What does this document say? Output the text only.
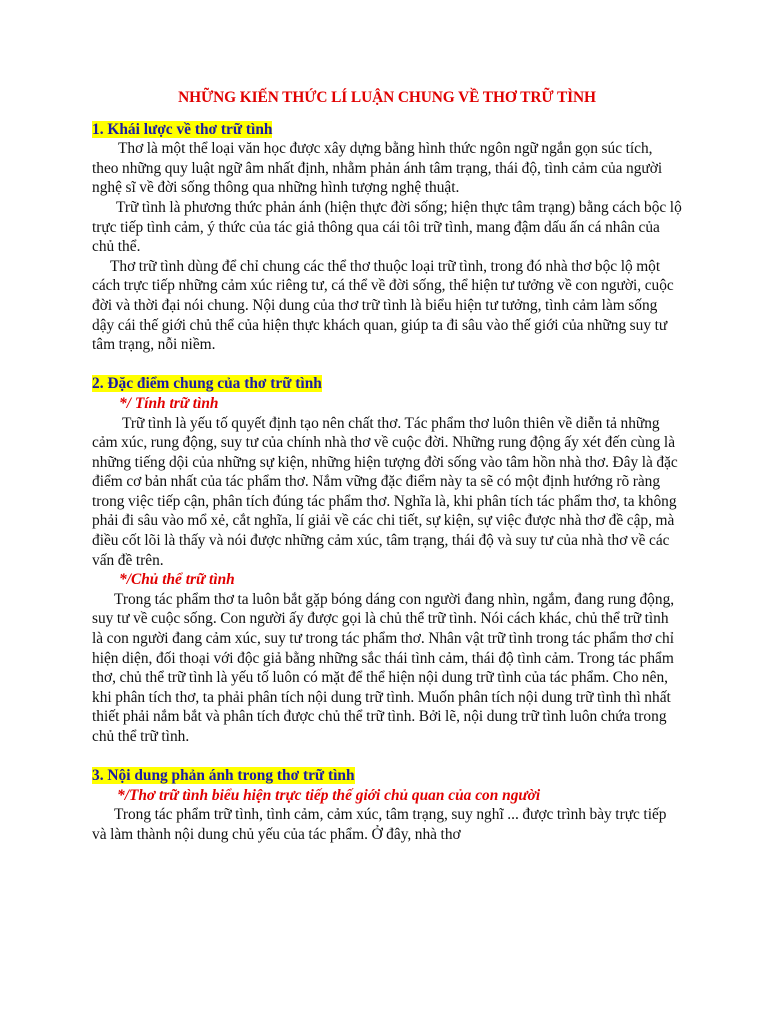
NHỮNG KIẾN THỨC LÍ LUẬN CHUNG VỀ THƠ TRỮ TÌNH
1. Khái lược về thơ trữ tình

Thơ là một thể loại văn học được xây dựng bằng hình thức ngôn ngữ ngắn gọn súc tích, theo những quy luật ngữ âm nhất định, nhằm phản ánh tâm trạng, thái độ, tình cảm của người nghệ sĩ về đời sống thông qua những hình tượng nghệ thuật.

Trữ tình là phương thức phản ánh (hiện thực đời sống; hiện thực tâm trạng) bằng cách bộc lộ trực tiếp tình cảm, ý thức của tác giả thông qua cái tôi trữ tình, mang đậm dấu ấn cá nhân của chủ thể.

Thơ trữ tình dùng để chỉ chung các thể thơ thuộc loại trữ tình, trong đó nhà thơ bộc lộ một cách trực tiếp những cảm xúc riêng tư, cá thể về đời sống, thể hiện tư tưởng về con người, cuộc đời và thời đại nói chung. Nội dung của thơ trữ tình là biểu hiện tư tưởng, tình cảm làm sống dậy cái thế giới chủ thể của hiện thực khách quan, giúp ta đi sâu vào thế giới của những suy tư tâm trạng, nỗi niềm.

2. Đặc điểm chung của thơ trữ tình

*/ Tính trữ tình

Trữ tình là yếu tố quyết định tạo nên chất thơ. Tác phẩm thơ luôn thiên về diễn tả những cảm xúc, rung động, suy tư của chính nhà thơ về cuộc đời. Những rung động ấy xét đến cùng là những tiếng dội của những sự kiện, những hiện tượng đời sống vào tâm hồn nhà thơ. Đây là đặc điểm cơ bản nhất của tác phẩm thơ. Nắm vững đặc điểm này ta sẽ có một định hướng rõ ràng trong việc tiếp cận, phân tích đúng tác phẩm thơ. Nghĩa là, khi phân tích tác phẩm thơ, ta không phải đi sâu vào mổ xẻ, cắt nghĩa, lí giải về các chi tiết, sự kiện, sự việc được nhà thơ đề cập, mà điều cốt lõi là thấy và nói được những cảm xúc, tâm trạng, thái độ và suy tư của nhà thơ về các vấn đề trên.

*/Chủ thể trữ tình

Trong tác phẩm thơ ta luôn bắt gặp bóng dáng con người đang nhìn, ngắm, đang rung động, suy tư về cuộc sống. Con người ấy được gọi là chủ thể trữ tình. Nói cách khác, chủ thể trữ tình là con người đang cảm xúc, suy tư trong tác phẩm thơ. Nhân vật trữ tình trong tác phẩm thơ chỉ hiện diện, đối thoại với độc giả bằng những sắc thái tình cảm, thái độ tình cảm. Trong tác phẩm thơ, chủ thể trữ tình là yếu tố luôn có mặt để thể hiện nội dung trữ tình của tác phẩm. Cho nên, khi phân tích thơ, ta phải phân tích nội dung trữ tình. Muốn phân tích nội dung trữ tình thì nhất thiết phải nắm bắt và phân tích được chủ thể trữ tình. Bởi lẽ, nội dung trữ tình luôn chứa trong chủ thể trữ tình.

3. Nội dung phản ánh trong thơ trữ tình

*/Thơ trữ tình biểu hiện trực tiếp thế giới chủ quan của con người

Trong tác phẩm trữ tình, tình cảm, cảm xúc, tâm trạng, suy nghĩ ... được trình bày trực tiếp và làm thành nội dung chủ yếu của tác phẩm. Ở đây, nhà thơ
